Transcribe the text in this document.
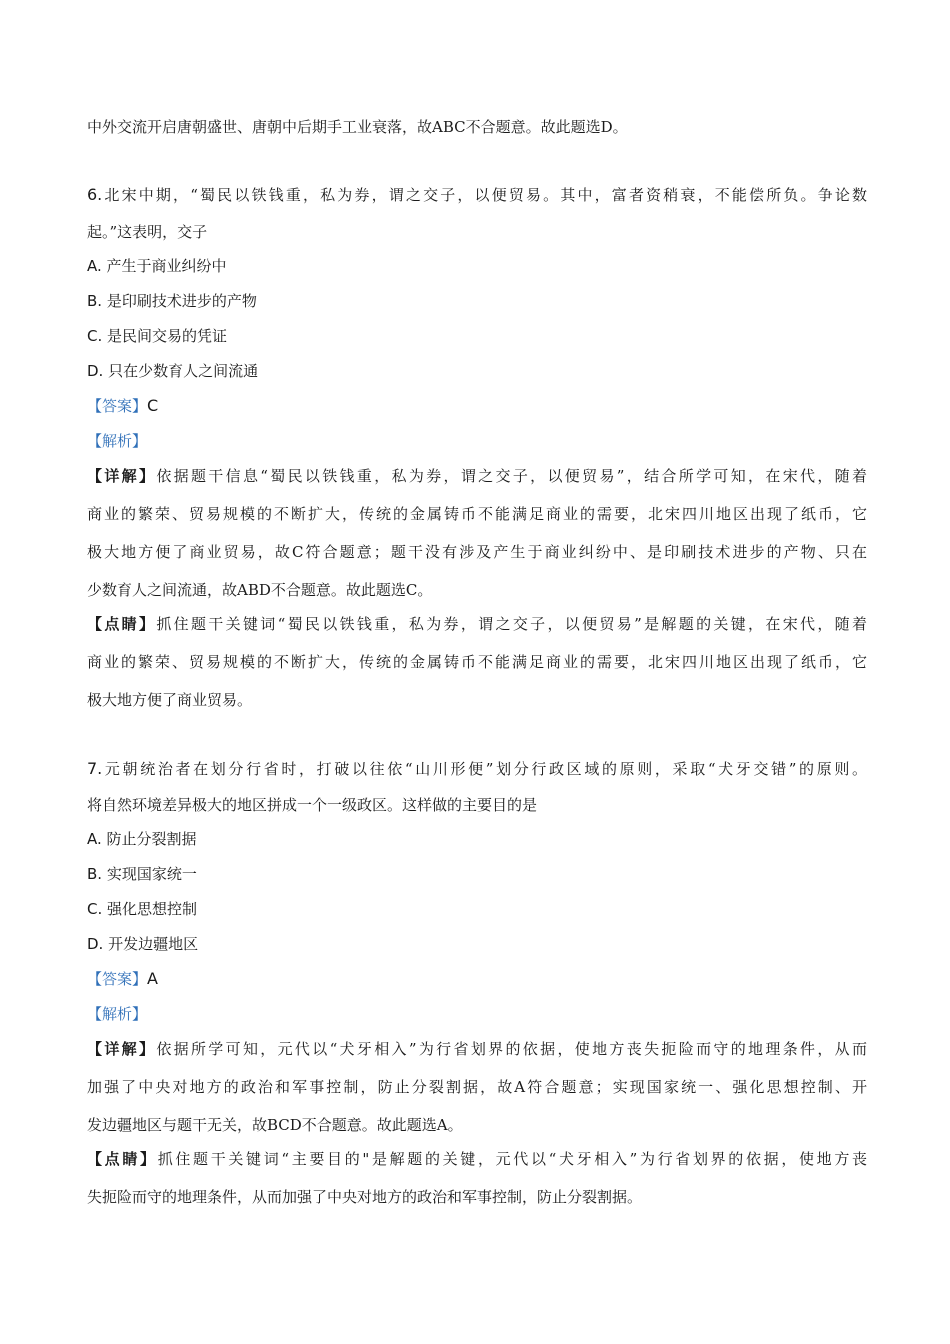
中外交流开启唐朝盛世、唐朝中后期手工业衰落，故ABC不合题意。故此题选D。
6.北宋中期，“蜀民以铁钱重，私为券，谓之交子，以便贸易。其中，富者资稍衰，不能偿所负。争论数
起。”这表明，交子
A. 产生于商业纠纷中
B. 是印刷技术进步的产物
C. 是民间交易的凭证
D. 只在少数育人之间流通
【答案】C
【解析】
【详解】依据题干信息“蜀民以铁钱重，私为券，谓之交子，以便贸易”，结合所学可知，在宋代，随着
商业的繁荣、贸易规模的不断扩大，传统的金属铸币不能满足商业的需要，北宋四川地区出现了纸币，它
极大地方便了商业贸易，故C符合题意；题干没有涉及产生于商业纠纷中、是印刷技术进步的产物、只在
少数育人之间流通，故ABD不合题意。故此题选C。
【点睛】抓住题干关键词“蜀民以铁钱重，私为券，谓之交子，以便贸易”是解题的关键，在宋代，随着
商业的繁荣、贸易规模的不断扩大，传统的金属铸币不能满足商业的需要，北宋四川地区出现了纸币，它
极大地方便了商业贸易。
7.元朝统治者在划分行省时，打破以往依“山川形便”划分行政区域的原则，采取“犬牙交错”的原则。
将自然环境差异极大的地区拼成一个一级政区。这样做的主要目的是
A. 防止分裂割据
B. 实现国家统一
C. 强化思想控制
D. 开发边疆地区
【答案】A
【解析】
【详解】依据所学可知，元代以“犬牙相入”为行省划界的依据，使地方丧失扼险而守的地理条件，从而
加强了中央对地方的政治和军事控制，防止分裂割据，故A符合题意；实现国家统一、强化思想控制、开
发边疆地区与题干无关，故BCD不合题意。故此题选A。
【点睛】抓住题干关键词“主要目的"是解题的关键，元代以“犬牙相入”为行省划界的依据，使地方丧
失扼险而守的地理条件，从而加强了中央对地方的政治和军事控制，防止分裂割据。
